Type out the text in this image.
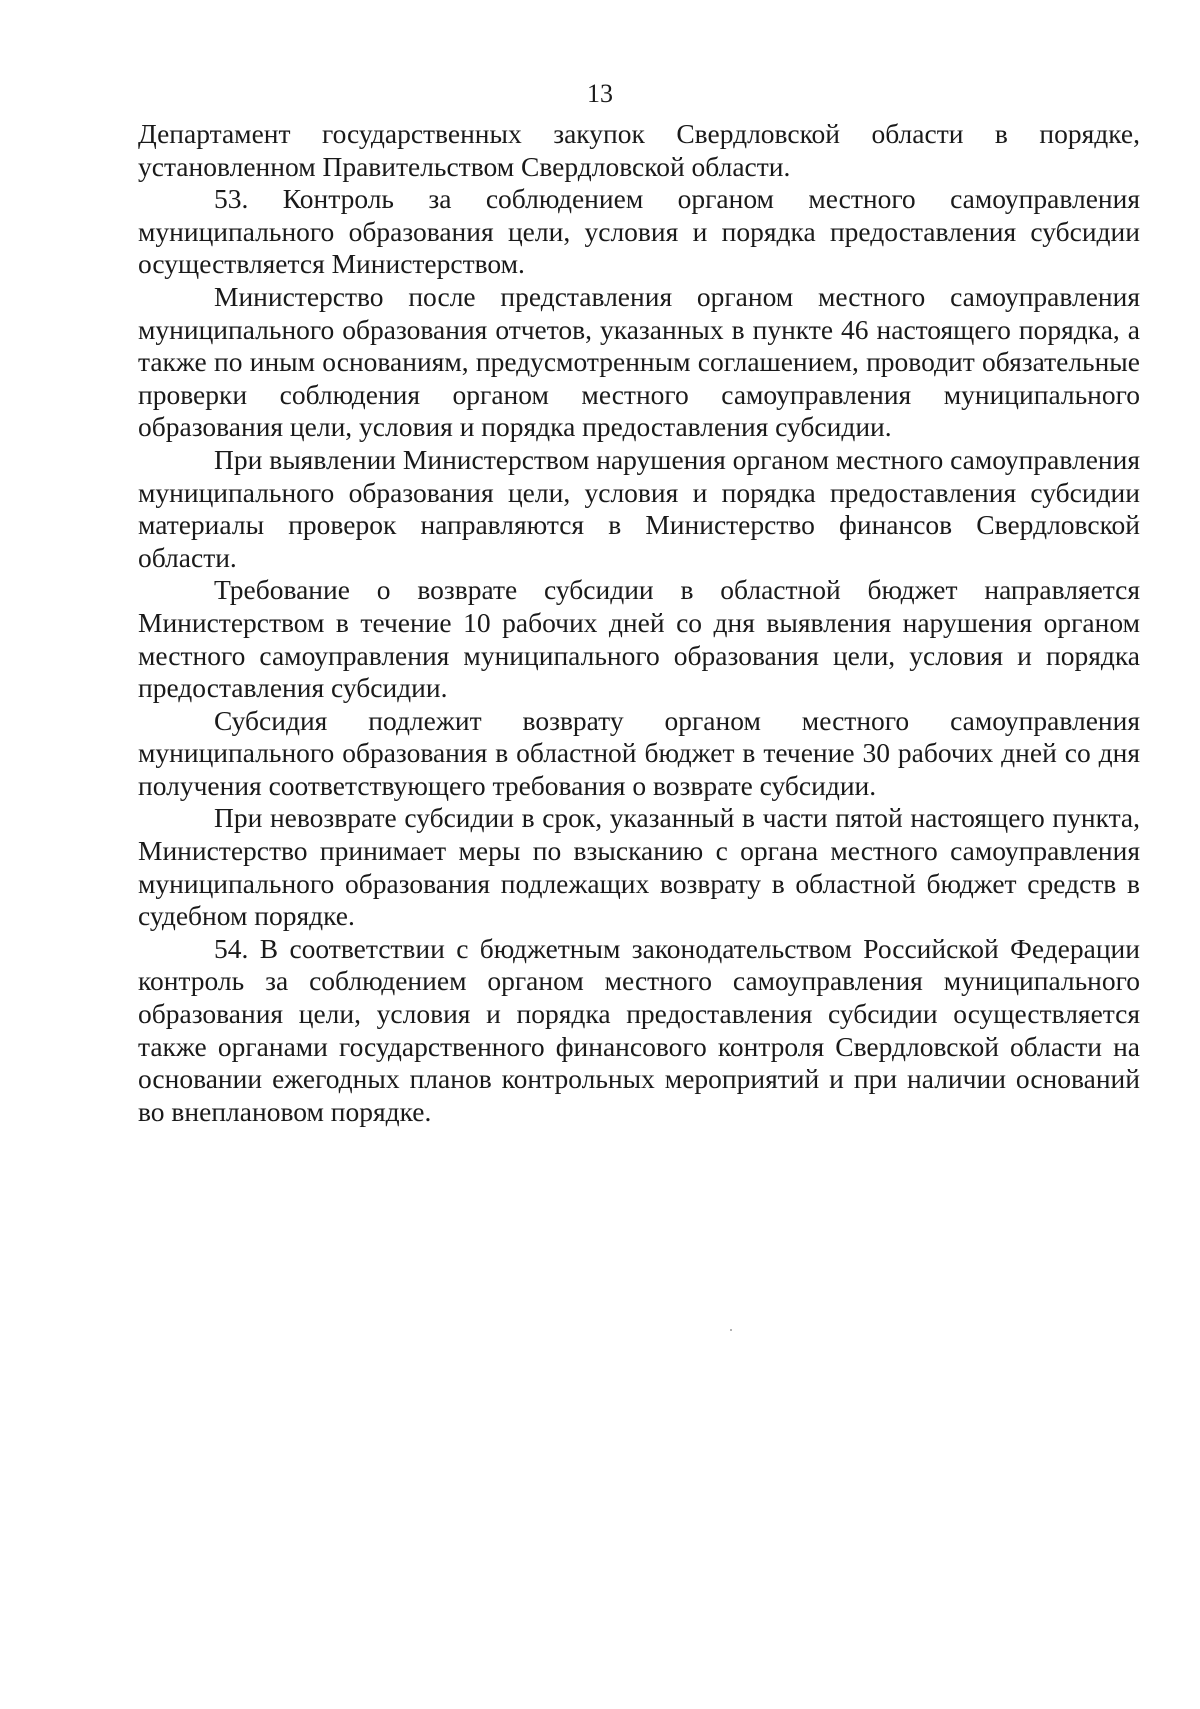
13

Департамент государственных закупок Свердловской области в порядке, установленном Правительством Свердловской области.

53. Контроль за соблюдением органом местного самоуправления муниципального образования цели, условия и порядка предоставления субсидии осуществляется Министерством.

Министерство после представления органом местного самоуправления муниципального образования отчетов, указанных в пункте 46 настоящего порядка, а также по иным основаниям, предусмотренным соглашением, проводит обязательные проверки соблюдения органом местного самоуправления муниципального образования цели, условия и порядка предоставления субсидии.

При выявлении Министерством нарушения органом местного самоуправления муниципального образования цели, условия и порядка предоставления субсидии материалы проверок направляются в Министерство финансов Свердловской области.

Требование о возврате субсидии в областной бюджет направляется Министерством в течение 10 рабочих дней со дня выявления нарушения органом местного самоуправления муниципального образования цели, условия и порядка предоставления субсидии.

Субсидия подлежит возврату органом местного самоуправления муниципального образования в областной бюджет в течение 30 рабочих дней со дня получения соответствующего требования о возврате субсидии.

При невозврате субсидии в срок, указанный в части пятой настоящего пункта, Министерство принимает меры по взысканию с органа местного самоуправления муниципального образования подлежащих возврату в областной бюджет средств в судебном порядке.

54. В соответствии с бюджетным законодательством Российской Федерации контроль за соблюдением органом местного самоуправления муниципального образования цели, условия и порядка предоставления субсидии осуществляется также органами государственного финансового контроля Свердловской области на основании ежегодных планов контрольных мероприятий и при наличии оснований во внеплановом порядке.
